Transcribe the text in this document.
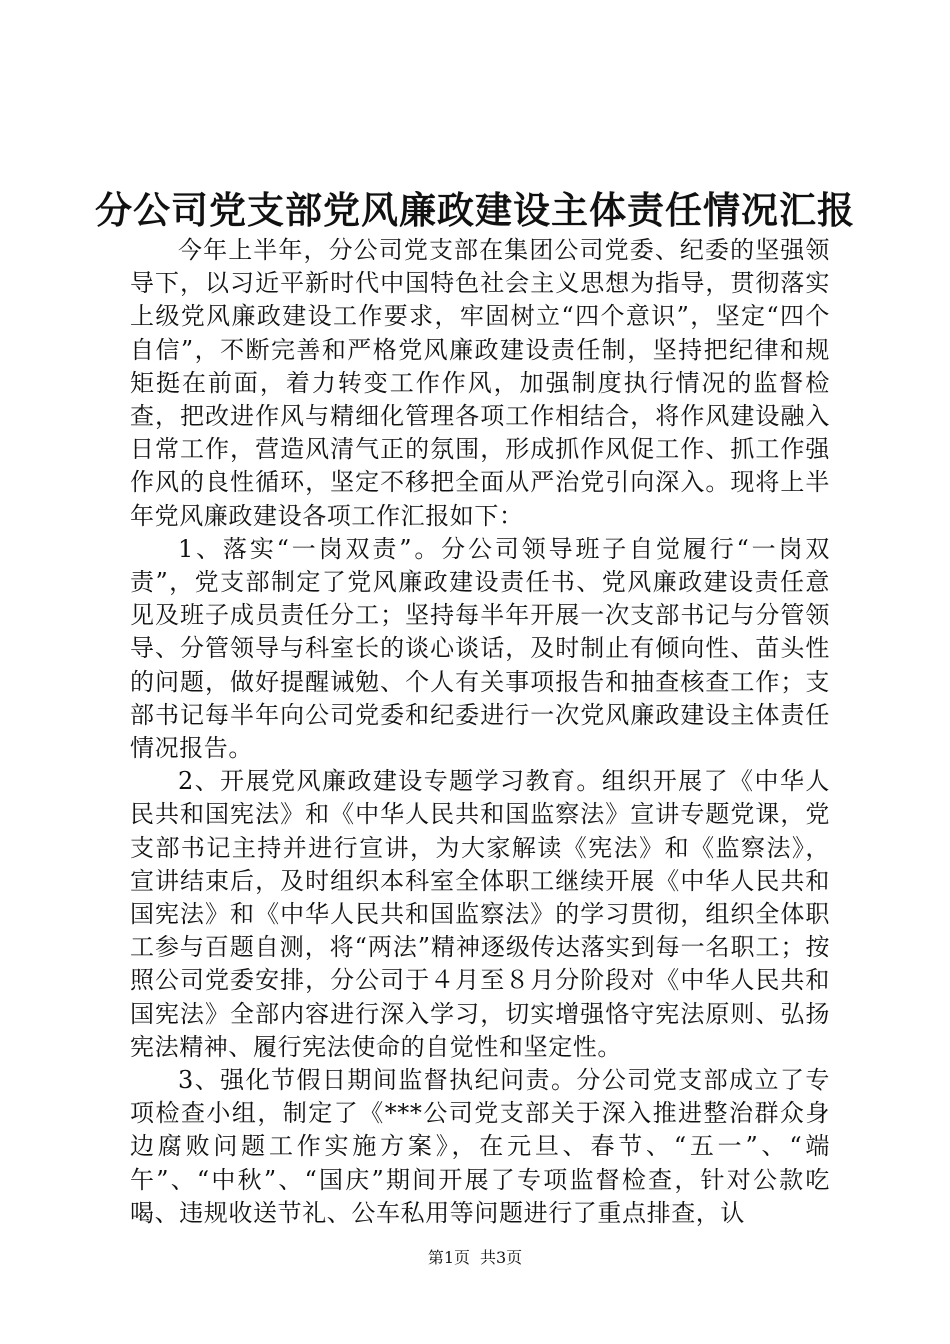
分公司党支部党风廉政建设主体责任情况汇报

今年上半年，分公司党支部在集团公司党委、纪委的坚强领导下，以习近平新时代中国特色社会主义思想为指导，贯彻落实上级党风廉政建设工作要求，牢固树立“四个意识”，坚定“四个自信”，不断完善和严格党风廉政建设责任制，坚持把纪律和规矩挺在前面，着力转变工作作风，加强制度执行情况的监督检查，把改进作风与精细化管理各项工作相结合，将作风建设融入日常工作，营造风清气正的氛围，形成抓作风促工作、抓工作强作风的良性循环，坚定不移把全面从严治党引向深入。现将上半年党风廉政建设各项工作汇报如下：

1、落实“一岗双责”。分公司领导班子自觉履行“一岗双责”，党支部制定了党风廉政建设责任书、党风廉政建设责任意见及班子成员责任分工；坚持每半年开展一次支部书记与分管领导、分管领导与科室长的谈心谈话，及时制止有倾向性、苗头性的问题，做好提醒诫勉、个人有关事项报告和抽查核查工作；支部书记每半年向公司党委和纪委进行一次党风廉政建设主体责任情况报告。

2、开展党风廉政建设专题学习教育。组织开展了《中华人民共和国宪法》和《中华人民共和国监察法》宣讲专题党课，党支部书记主持并进行宣讲，为大家解读《宪法》和《监察法》，宣讲结束后，及时组织本科室全体职工继续开展《中华人民共和国宪法》和《中华人民共和国监察法》的学习贯彻，组织全体职工参与百题自测，将“两法”精神逐级传达落实到每一名职工；按照公司党委安排，分公司于４月至８月分阶段对《中华人民共和国宪法》全部内容进行深入学习，切实增强恪守宪法原则、弘扬宪法精神、履行宪法使命的自觉性和坚定性。

3、强化节假日期间监督执纪问责。分公司党支部成立了专项检查小组，制定了《***公司党支部关于深入推进整治群众身边腐败问题工作实施方案》，在元旦、春节、“五一”、“端午”、“中秋”、“国庆”期间开展了专项监督检查，针对公款吃喝、违规收送节礼、公车私用等问题进行了重点排查，认

第1页 共3页
